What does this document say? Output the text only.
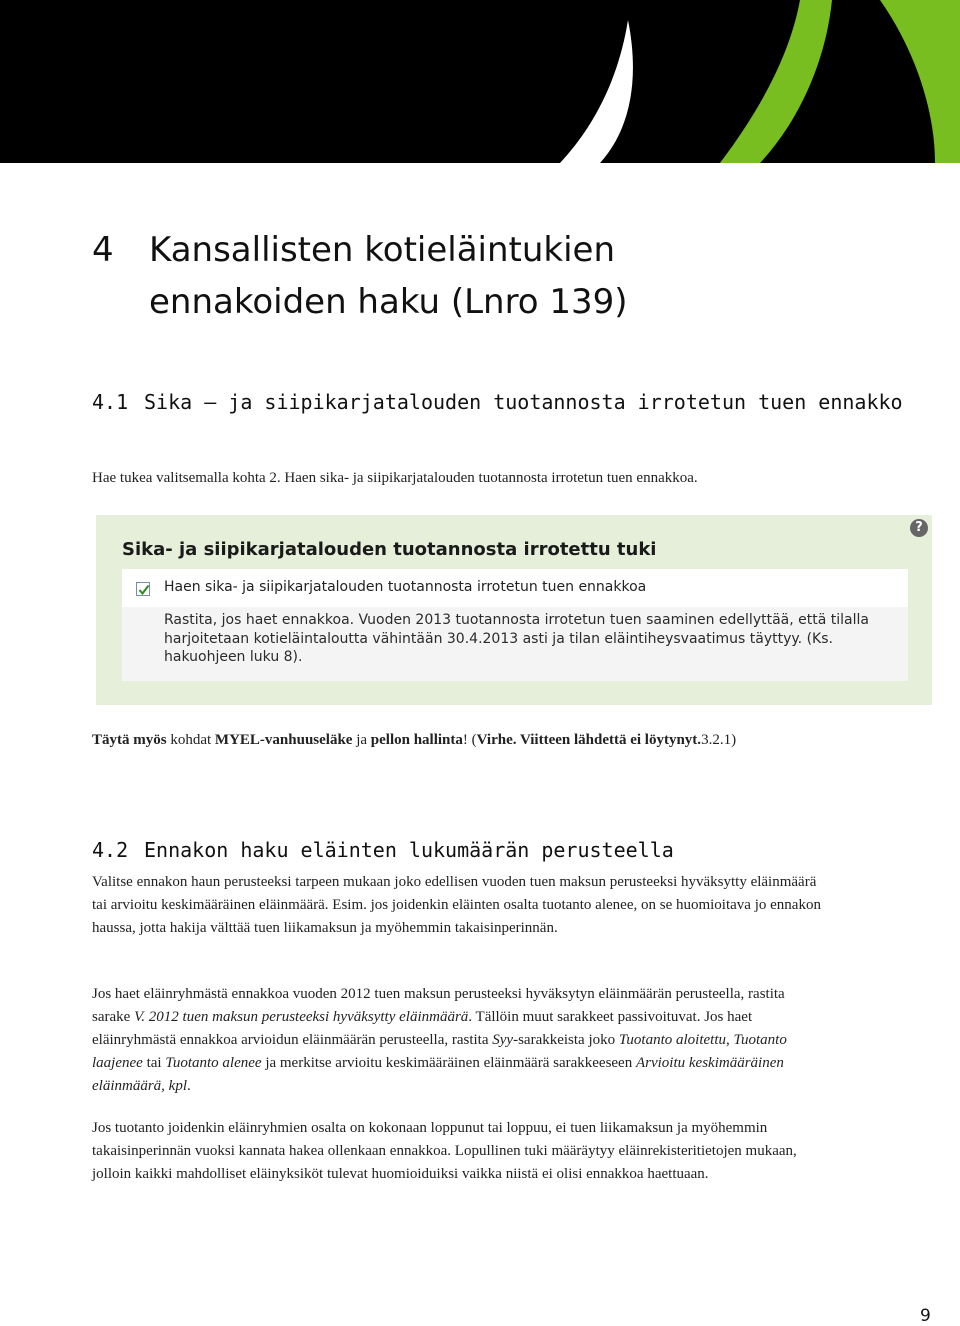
4 Kansallisten kotieläintukien ennakoiden haku (Lnro 139)
4.1 Sika – ja siipikarjatalouden tuotannosta irrotetun tuen ennakko

Hae tukea valitsemalla kohta 2. Haen sika- ja siipikarjatalouden tuotannosta irrotetun tuen ennakkoa.

Sika- ja siipikarjatalouden tuotannosta irrotettu tuki
?
Haen sika- ja siipikarjatalouden tuotannosta irrotetun tuen ennakkoa

Rastita, jos haet ennakkoa. Vuoden 2013 tuotannosta irrotetun tuen saaminen edellyttää, että tilalla harjoitetaan kotieläintaloutta vähintään 30.4.2013 asti ja tilan eläintiheysvaatimus täyttyy. (Ks. hakuohjeen luku 8).

Täytä myös kohdat MYEL-vanhuuseläke ja pellon hallinta! (Virhe. Viitteen lähdettä ei löytynyt.3.2.1)

4.2 Ennakon haku eläinten lukumäärän perusteella

Valitse ennakon haun perusteeksi tarpeen mukaan joko edellisen vuoden tuen maksun perusteeksi hyväksytty eläinmäärä tai arvioitu keskimääräinen eläinmäärä. Esim. jos joidenkin eläinten osalta tuotanto alenee, on se huomioitava jo ennakon haussa, jotta hakija välttää tuen liikamaksun ja myöhemmin takaisinperinnän.

Jos haet eläinryhmästä ennakkoa vuoden 2012 tuen maksun perusteeksi hyväksytyn eläinmäärän perusteella, rastita sarake V. 2012 tuen maksun perusteeksi hyväksytty eläinmäärä. Tällöin muut sarakkeet passivoituvat. Jos haet eläinryhmästä ennakkoa arvioidun eläinmäärän perusteella, rastita Syy-sarakkeista joko Tuotanto aloitettu, Tuotanto laajenee tai Tuotanto alenee ja merkitse arvioitu keskimääräinen eläinmäärä sarakkeeseen Arvioitu keskimääräinen eläinmäärä, kpl.

Jos tuotanto joidenkin eläinryhmien osalta on kokonaan loppunut tai loppuu, ei tuen liikamaksun ja myöhemmin takaisinperinnän vuoksi kannata hakea ollenkaan ennakkoa. Lopullinen tuki määräytyy eläinrekisteritietojen mukaan, jolloin kaikki mahdolliset eläinyksiköt tulevat huomioiduiksi vaikka niistä ei olisi ennakkoa haettuaan.

9
